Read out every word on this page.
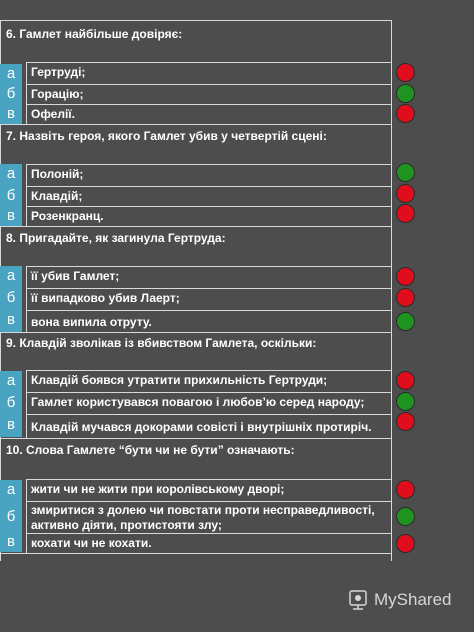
6. Гамлет найбільше довіряє:
а	Гертруді;
б	Горацію;
в	Офелії.
7. Назвіть героя, якого Гамлет убив у четвертій сцені:
а	Полоній;
б	Клавдій;
в	Розенкранц.
8. Пригадайте, як загинула Гертруда:
а	її убив Гамлет;
б	її випадково убив Лаерт;
в	вона випила отруту.
9. Клавдій зволікав із вбивством Гамлета, оскільки:
а	Клавдій боявся утратити прихильність Гертруди;
б	Гамлет користувався повагою і любов’ю серед народу;
в	Клавдій мучався докорами совісті і внутрішніх протиріч.
10. Слова Гамлете “бути чи не бути” означають:
а	жити чи не жити при королівському дворі;
б	змиритися з долею чи повстати проти несправедливості, активно діяти, протистояти злу;
в	кохати чи не кохати.
MyShared
